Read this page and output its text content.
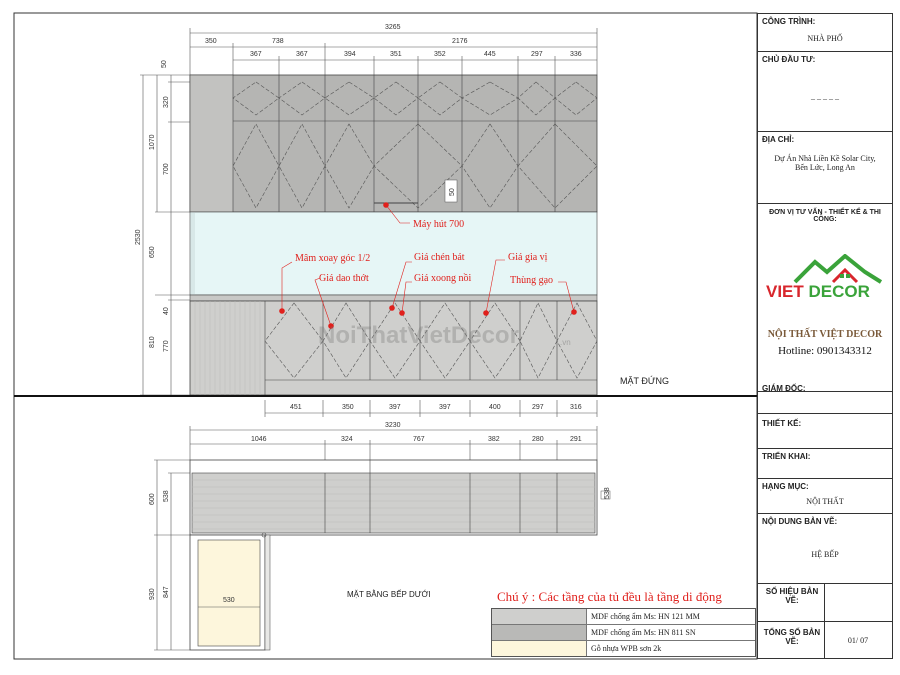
3265
350	738	2176
367	367	394	351	352	445	297	336
50
320
1070
700
2530
650
40
810 770
50
451	350	397	397	400	297	316
Máy hút 700
Mâm xoay góc 1/2
Giá dao thớt
Giá chén bát
Giá xoong nồi
Giá gia vị
Thùng gạo
3230
1046	324	767	382	280	291
600 538
930 847
530
538
NoiThatVietDecor	.vn
MẶT ĐỨNG
MẶT BẰNG BẾP DƯỚI	Chú ý : Các tầng của tủ đều là tầng di động
MDF chống ẩm Ms: HN 121 MM
MDF chống ẩm Ms: HN 811 SN
Gỗ nhựa WPB sơn 2k
CÔNG TRÌNH:
NHÀ PHỐ
CHỦ ĐẦU TƯ:
_ _ _ _ _
ĐỊA CHỈ:
Dự Án Nhà Liền Kề Solar City, Bến Lức, Long An
ĐƠN VỊ TƯ VẤN - THIẾT KẾ & THI CÔNG:
VIET DECOR
NỘI THẤT VIỆT DECOR
Hotline: 0901343312
GIÁM ĐỐC:
THIẾT KẾ:
TRIỂN KHAI:
HẠNG MỤC:
NỘI THẤT
NỘI DUNG BẢN VẼ:
HỆ BẾP
SỐ HIỆU BẢN VẼ:
TỔNG SỐ BẢN VẼ:	01/ 07
